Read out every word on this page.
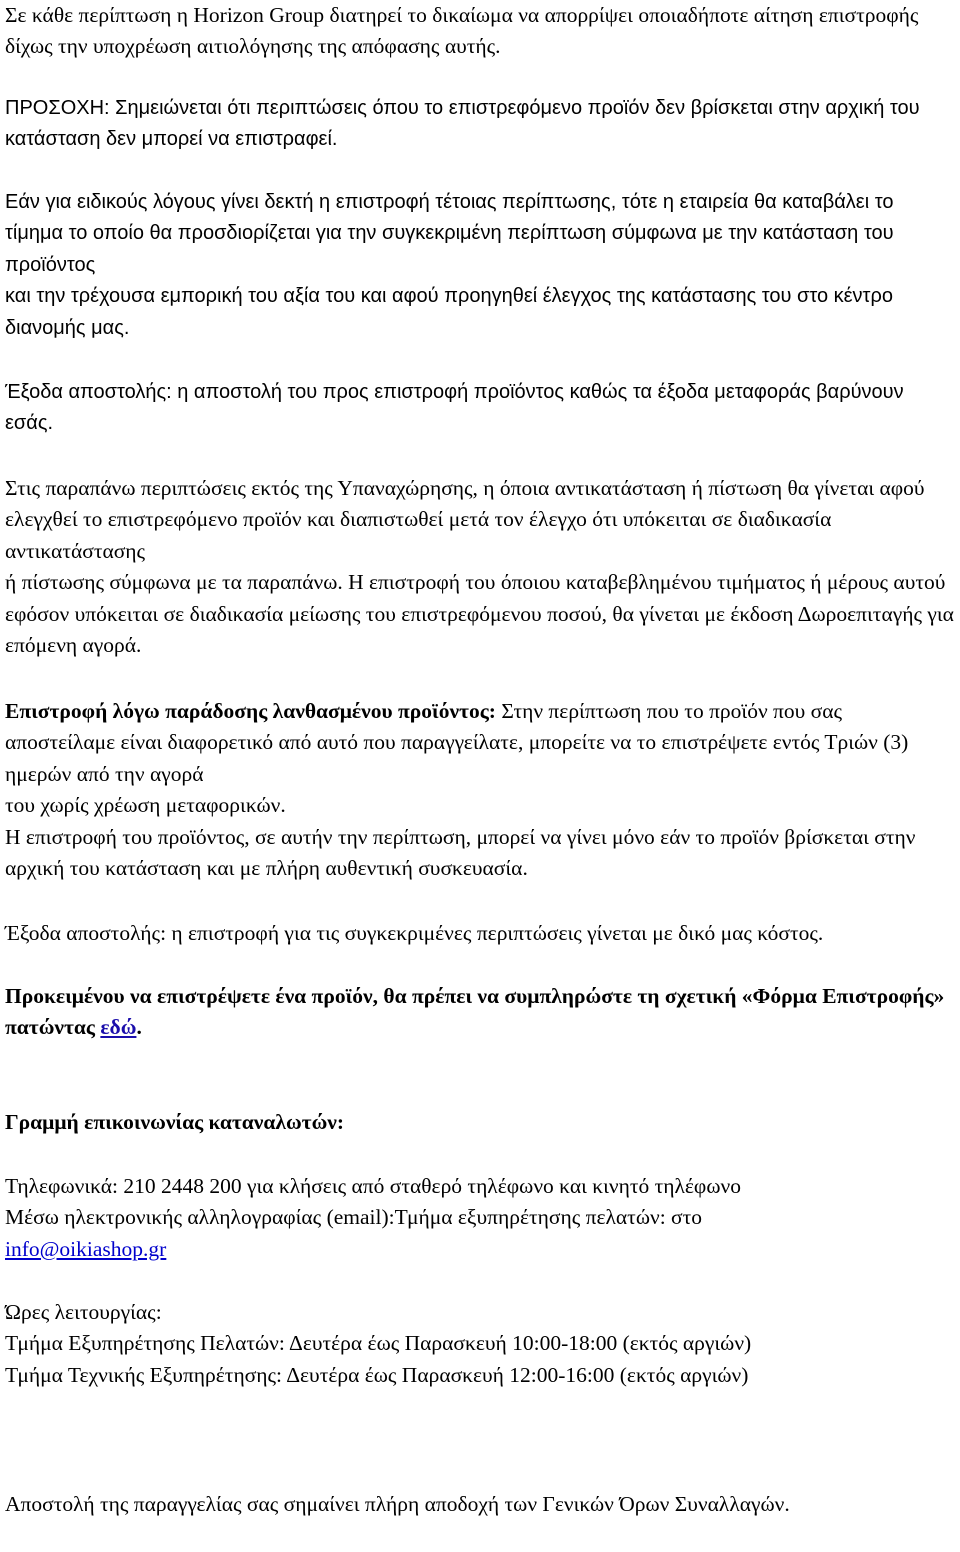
Σε κάθε περίπτωση η Horizon Group διατηρεί το δικαίωμα να απορρίψει οποιαδήποτε αίτηση επιστροφής δίχως την υποχρέωση αιτιολόγησης της απόφασης αυτής.

ΠΡΟΣΟΧΗ: Σημειώνεται ότι περιπτώσεις όπου το επιστρεφόμενο προϊόν δεν βρίσκεται στην αρχική του κατάσταση δεν μπορεί να επιστραφεί.

Εάν για ειδικούς λόγους γίνει δεκτή η επιστροφή τέτοιας περίπτωσης, τότε η εταιρεία θα καταβάλει το τίμημα το οποίο θα προσδιορίζεται για την συγκεκριμένη περίπτωση σύμφωνα με την κατάσταση του προϊόντος

και την τρέχουσα εμπορική του αξία του και αφού προηγηθεί έλεγχος της κατάστασης του στο κέντρο διανομής μας.

Έξοδα αποστολής: η αποστολή του προς επιστροφή προϊόντος καθώς τα έξοδα μεταφοράς βαρύνουν εσάς.

Στις παραπάνω περιπτώσεις εκτός της Υπαναχώρησης, η όποια αντικατάσταση ή πίστωση θα γίνεται αφού ελεγχθεί το επιστρεφόμενο προϊόν και διαπιστωθεί μετά τον έλεγχο ότι υπόκειται σε διαδικασία αντικατάστασης

ή πίστωσης σύμφωνα με τα παραπάνω. Η επιστροφή του όποιου καταβεβλημένου τιμήματος ή μέρους αυτού εφόσον υπόκειται σε διαδικασία μείωσης του επιστρεφόμενου ποσού, θα γίνεται με έκδοση Δωροεπιταγής για επόμενη αγορά.

Επιστροφή λόγω παράδοσης λανθασμένου προϊόντος: Στην περίπτωση που το προϊόν που σας αποστείλαμε είναι διαφορετικό από αυτό που παραγγείλατε, μπορείτε να το επιστρέψετε εντός Τριών (3) ημερών από την αγορά

του χωρίς χρέωση μεταφορικών.

Η επιστροφή του προϊόντος, σε αυτήν την περίπτωση, μπορεί να γίνει μόνο εάν το προϊόν βρίσκεται στην αρχική του κατάσταση και με πλήρη αυθεντική συσκευασία.

Έξοδα αποστολής: η επιστροφή για τις συγκεκριμένες περιπτώσεις γίνεται με δικό μας κόστος.

Προκειμένου να επιστρέψετε ένα προϊόν, θα πρέπει να συμπληρώστε τη σχετική «Φόρμα Επιστροφής» πατώντας εδώ.

Γραμμή επικοινωνίας καταναλωτών:

Τηλεφωνικά: 210 2448 200 για κλήσεις από σταθερό τηλέφωνο και κινητό τηλέφωνο

Μέσω ηλεκτρονικής αλληλογραφίας (email):Τμήμα εξυπηρέτησης πελατών: στο

info@oikiashop.gr

Ώρες λειτουργίας:

Τμήμα Εξυπηρέτησης Πελατών: Δευτέρα έως Παρασκευή 10:00-18:00 (εκτός αργιών)

Τμήμα Τεχνικής Εξυπηρέτησης: Δευτέρα έως Παρασκευή 12:00-16:00 (εκτός αργιών)

Αποστολή της παραγγελίας σας σημαίνει πλήρη αποδοχή των Γενικών Όρων Συναλλαγών.
